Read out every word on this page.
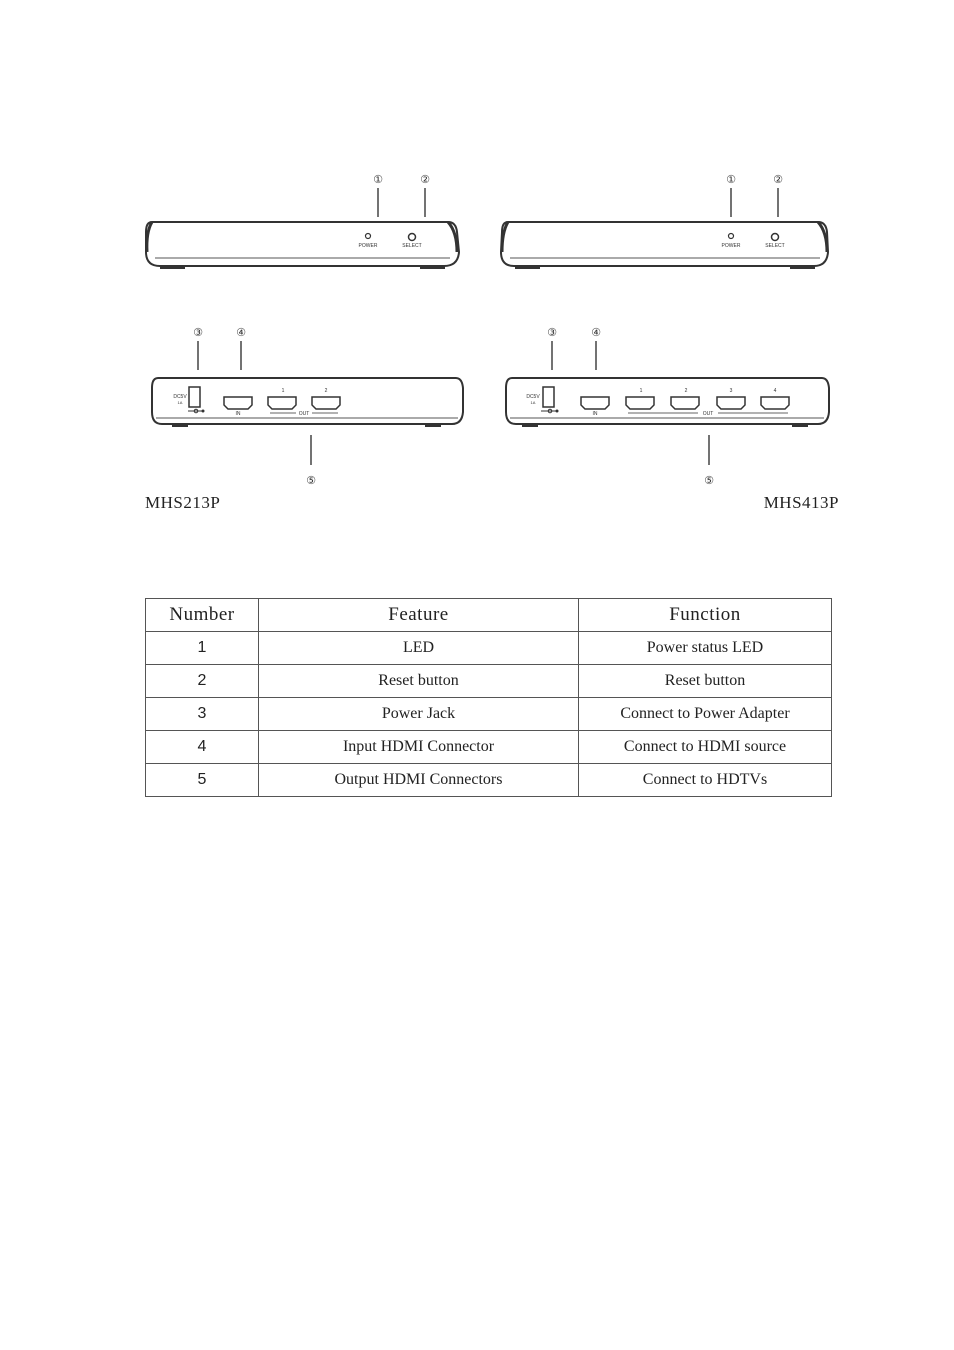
①	②
POWER	SELECT
①	②
POWER	SELECT
③	④
DC5V
1A
IN
1	2
OUT
⑤
③	④
DC5V
1A
IN
1	2	3	4
OUT
⑤
MHS213P	MHS413P
Number	Feature	Function
1	LED	Power status LED
2	Reset button	Reset button
3	Power Jack	Connect to Power Adapter
4	Input HDMI Connector	Connect to HDMI source
5	Output HDMI Connectors	Connect to HDTVs
